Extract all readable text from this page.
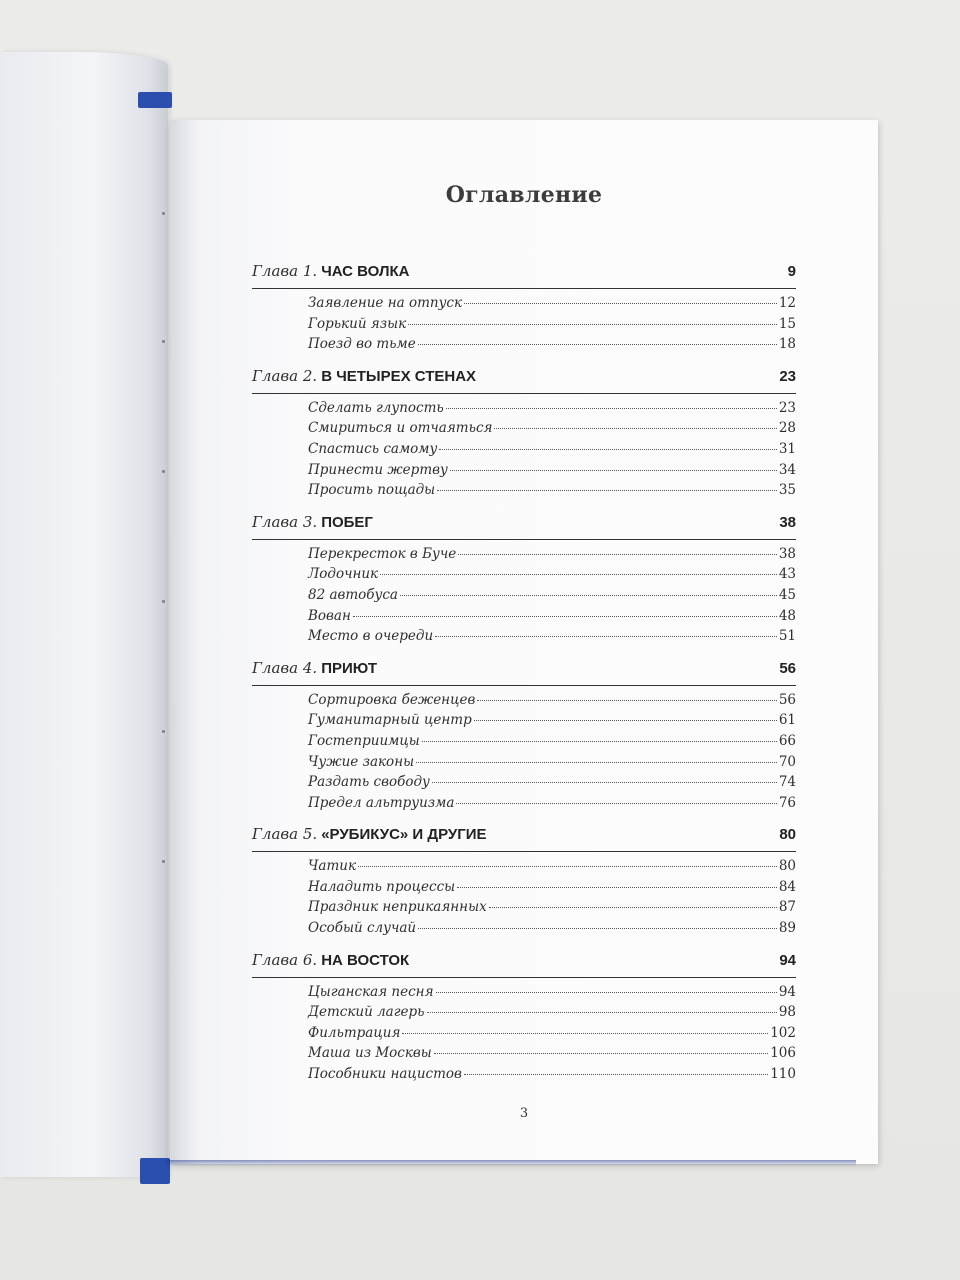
Оглавление
Глава 1. ЧАС ВОЛКА	9
Заявление на отпуск	12
Горький язык	15
Поезд во тьме	18
Глава 2. В ЧЕТЫРЕХ СТЕНАХ	23
Сделать глупость	23
Смириться и отчаяться	28
Спастись самому	31
Принести жертву	34
Просить пощады	35
Глава 3. ПОБЕГ	38
Перекресток в Буче	38
Лодочник	43
82 автобуса	45
Вован	48
Место в очереди	51
Глава 4. ПРИЮТ	56
Сортировка беженцев	56
Гуманитарный центр	61
Гостеприимцы	66
Чужие законы	70
Раздать свободу	74
Предел альтруизма	76
Глава 5. «РУБИКУС» И ДРУГИЕ	80
Чатик	80
Наладить процессы	84
Праздник неприкаянных	87
Особый случай	89
Глава 6. НА ВОСТОК	94
Цыганская песня	94
Детский лагерь	98
Фильтрация	102
Маша из Москвы	106
Пособники нацистов	110
3
